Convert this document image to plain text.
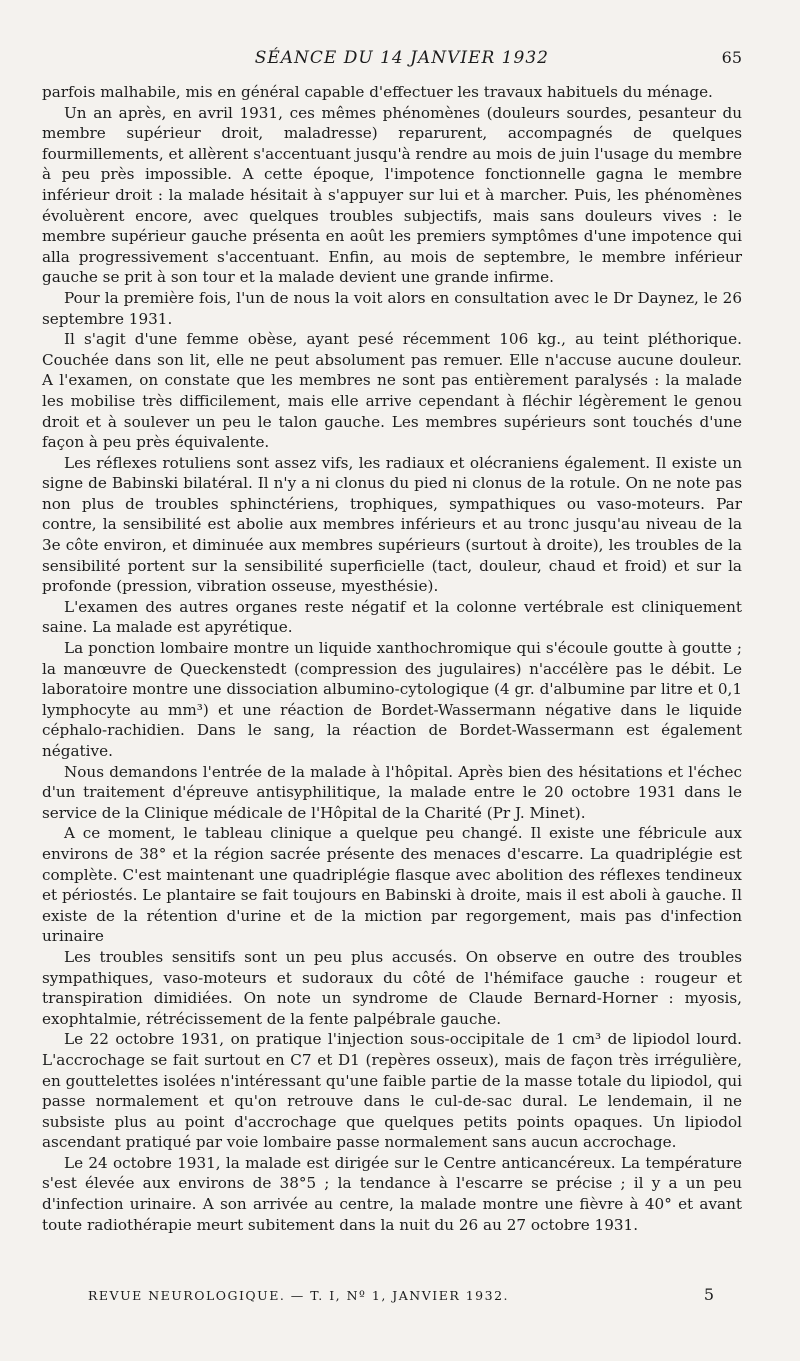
SÉANCE DU 14 JANVIER 1932	65

parfois malhabile, mis en général capable d'effectuer les travaux habituels du ménage.

Un an après, en avril 1931, ces mêmes phénomènes (douleurs sourdes, pesanteur du membre supérieur droit, maladresse) reparurent, accompagnés de quelques fourmillements, et allèrent s'accentuant jusqu'à rendre au mois de juin l'usage du membre à peu près impossible. A cette époque, l'impotence fonctionnelle gagna le membre inférieur droit : la malade hésitait à s'appuyer sur lui et à marcher. Puis, les phénomènes évoluèrent encore, avec quelques troubles subjectifs, mais sans douleurs vives : le membre supérieur gauche présenta en août les premiers symptômes d'une impotence qui alla progressivement s'accentuant. Enfin, au mois de septembre, le membre inférieur gauche se prit à son tour et la malade devient une grande infirme.

Pour la première fois, l'un de nous la voit alors en consultation avec le Dr Daynez, le 26 septembre 1931.

Il s'agit d'une femme obèse, ayant pesé récemment 106 kg., au teint pléthorique. Couchée dans son lit, elle ne peut absolument pas remuer. Elle n'accuse aucune douleur. A l'examen, on constate que les membres ne sont pas entièrement paralysés : la malade les mobilise très difficilement, mais elle arrive cependant à fléchir légèrement le genou droit et à soulever un peu le talon gauche. Les membres supérieurs sont touchés d'une façon à peu près équivalente.

Les réflexes rotuliens sont assez vifs, les radiaux et olécraniens également. Il existe un signe de Babinski bilatéral. Il n'y a ni clonus du pied ni clonus de la rotule. On ne note pas non plus de troubles sphinctériens, trophiques, sympathiques ou vaso-moteurs. Par contre, la sensibilité est abolie aux membres inférieurs et au tronc jusqu'au niveau de la 3e côte environ, et diminuée aux membres supérieurs (surtout à droite), les troubles de la sensibilité portent sur la sensibilité superficielle (tact, douleur, chaud et froid) et sur la profonde (pression, vibration osseuse, myesthésie).

L'examen des autres organes reste négatif et la colonne vertébrale est cliniquement saine. La malade est apyrétique.

La ponction lombaire montre un liquide xanthochromique qui s'écoule goutte à goutte ; la manœuvre de Queckenstedt (compression des jugulaires) n'accélère pas le débit. Le laboratoire montre une dissociation albumino-cytologique (4 gr. d'albumine par litre et 0,1 lymphocyte au mm³) et une réaction de Bordet-Wassermann négative dans le liquide céphalo-rachidien. Dans le sang, la réaction de Bordet-Wassermann est également négative.

Nous demandons l'entrée de la malade à l'hôpital. Après bien des hésitations et l'échec d'un traitement d'épreuve antisyphilitique, la malade entre le 20 octobre 1931 dans le service de la Clinique médicale de l'Hôpital de la Charité (Pr J. Minet).

A ce moment, le tableau clinique a quelque peu changé. Il existe une fébricule aux environs de 38° et la région sacrée présente des menaces d'escarre. La quadriplégie est complète. C'est maintenant une quadriplégie flasque avec abolition des réflexes tendineux et périostés. Le plantaire se fait toujours en Babinski à droite, mais il est aboli à gauche. Il existe de la rétention d'urine et de la miction par regorgement, mais pas d'infection urinaire

Les troubles sensitifs sont un peu plus accusés. On observe en outre des troubles sympathiques, vaso-moteurs et sudoraux du côté de l'hémiface gauche : rougeur et transpiration dimidiées. On note un syndrome de Claude Bernard-Horner : myosis, exophtalmie, rétrécissement de la fente palpébrale gauche.

Le 22 octobre 1931, on pratique l'injection sous-occipitale de 1 cm³ de lipiodol lourd. L'accrochage se fait surtout en C7 et D1 (repères osseux), mais de façon très irrégulière, en gouttelettes isolées n'intéressant qu'une faible partie de la masse totale du lipiodol, qui passe normalement et qu'on retrouve dans le cul-de-sac dural. Le lendemain, il ne subsiste plus au point d'accrochage que quelques petits points opaques. Un lipiodol ascendant pratiqué par voie lombaire passe normalement sans aucun accrochage.

Le 24 octobre 1931, la malade est dirigée sur le Centre anticancéreux. La température s'est élevée aux environs de 38°5 ; la tendance à l'escarre se précise ; il y a un peu d'infection urinaire. A son arrivée au centre, la malade montre une fièvre à 40° et avant toute radiothérapie meurt subitement dans la nuit du 26 au 27 octobre 1931.

REVUE NEUROLOGIQUE. — T. I, Nº 1, JANVIER 1932.	5
